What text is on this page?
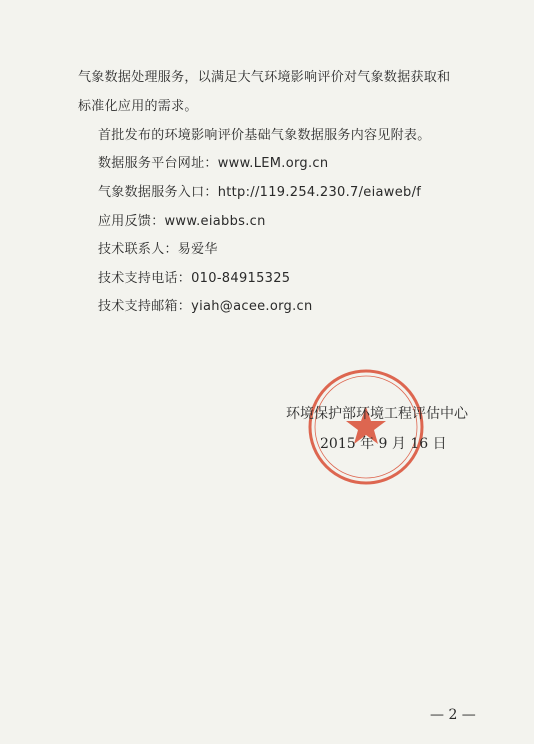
气象数据处理服务，以满足大气环境影响评价对气象数据获取和
标准化应用的需求。
首批发布的环境影响评价基础气象数据服务内容见附表。
数据服务平台网址：www.LEM.org.cn
气象数据服务入口：http://119.254.230.7/eiaweb/f
应用反馈：www.eiabbs.cn
技术联系人：易爱华
技术支持电话：010-84915325
技术支持邮箱：yiah@acee.org.cn
环境保护部环境工程评估中心
2015 年 9 月 16 日
— 2 —
